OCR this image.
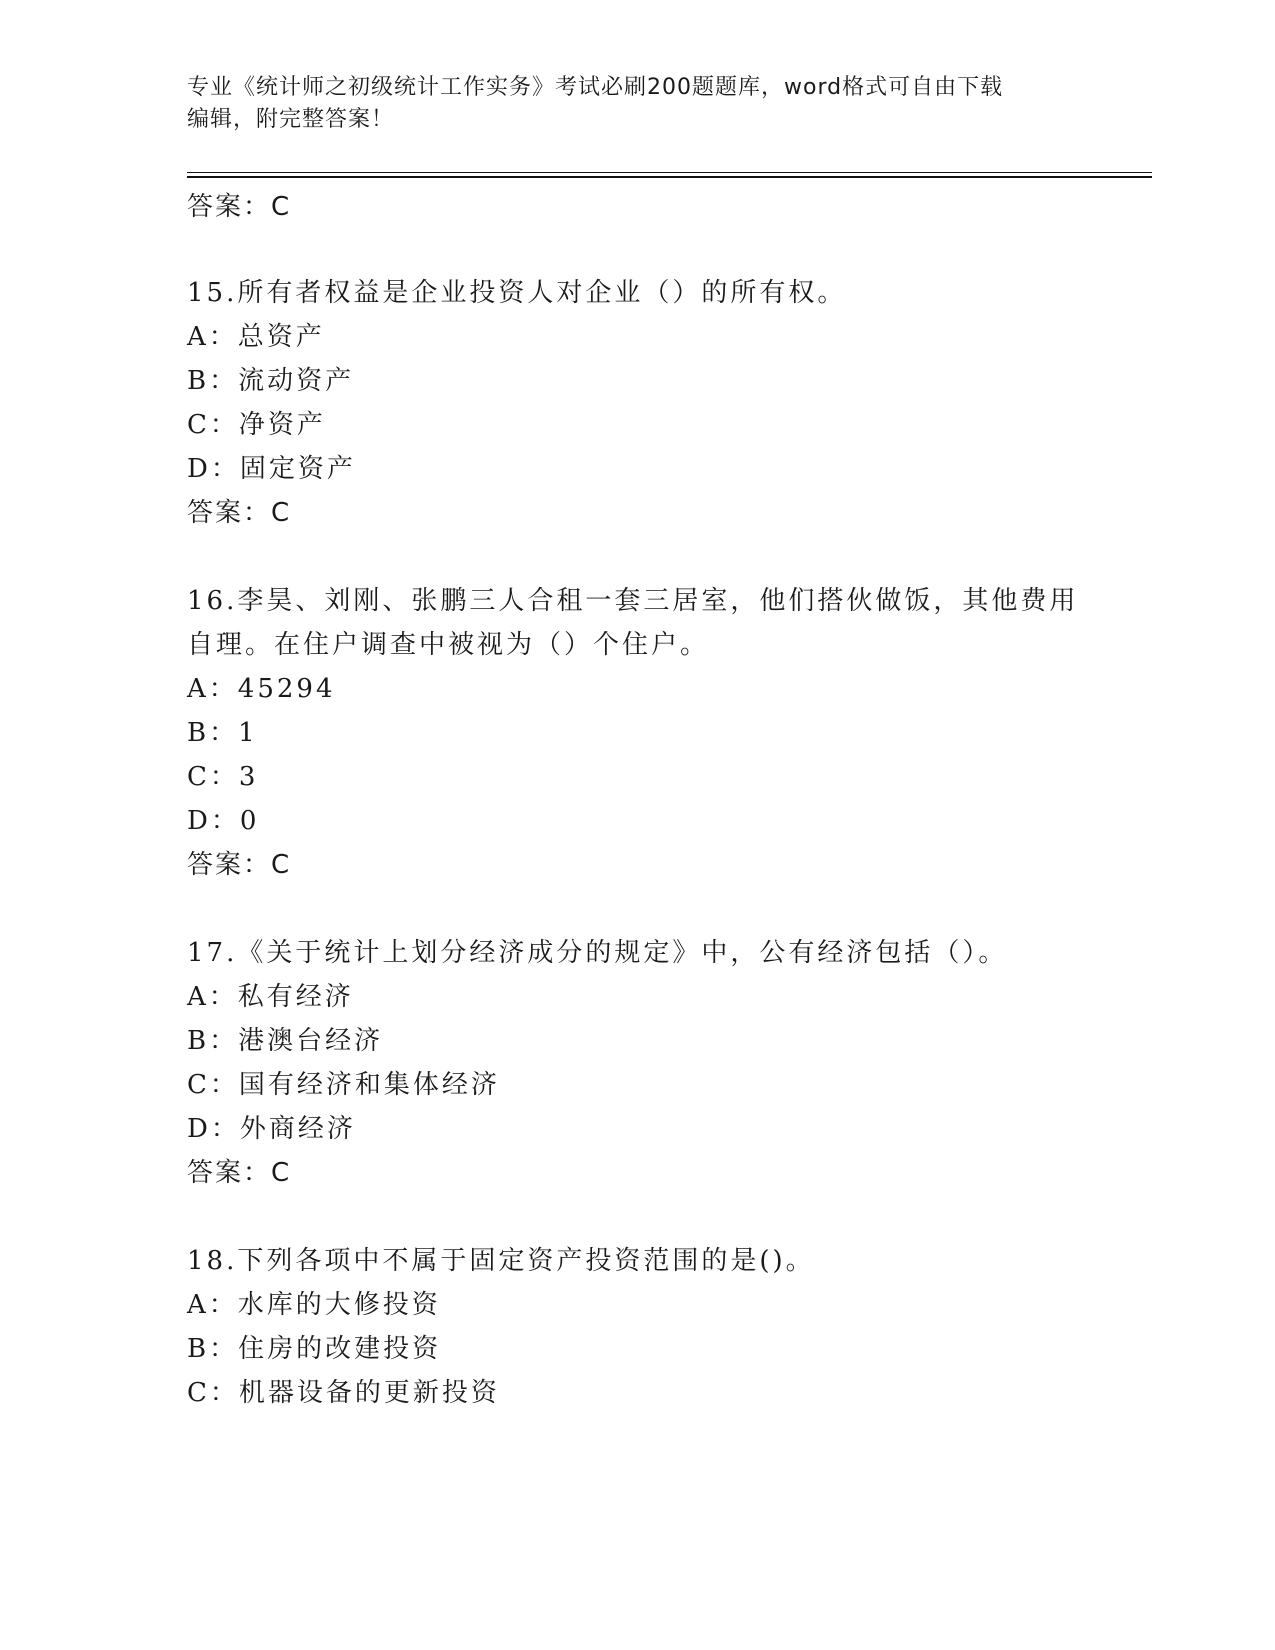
专业《统计师之初级统计工作实务》考试必刷200题题库，word格式可自由下载
编辑，附完整答案！
答案：C
15.所有者权益是企业投资人对企业（）的所有权。
A：总资产
B：流动资产
C：净资产
D：固定资产
答案：C
16.李昊、刘刚、张鹏三人合租一套三居室，他们搭伙做饭，其他费用
自理。在住户调查中被视为（）个住户。
A：45294
B：1
C：3
D：0
答案：C
17.《关于统计上划分经济成分的规定》中，公有经济包括（）。
A：私有经济
B：港澳台经济
C：国有经济和集体经济
D：外商经济
答案：C
18.下列各项中不属于固定资产投资范围的是()。
A：水库的大修投资
B：住房的改建投资
C：机器设备的更新投资
